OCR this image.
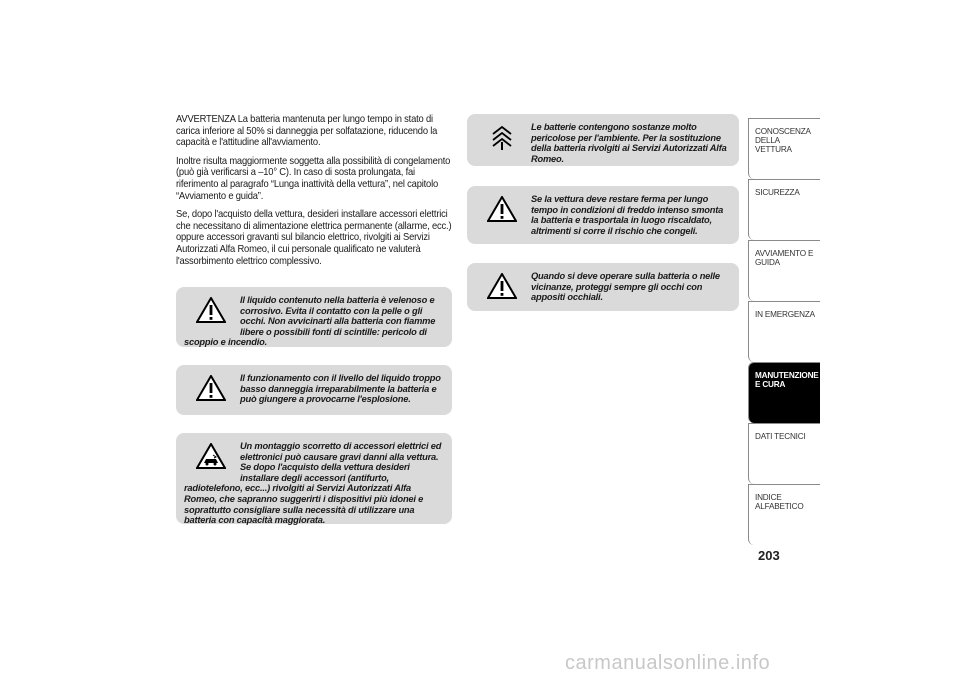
AVVERTENZA La batteria mantenuta per lungo tempo in stato di carica inferiore al 50% si danneggia per solfatazione, riducendo la capacità e l'attitudine all'avviamento.

Inoltre risulta maggiormente soggetta alla possibilità di congelamento (può già verificarsi a –10° C). In caso di sosta prolungata, fai riferimento al paragrafo “Lunga inattività della vettura”, nel capitolo “Avviamento e guida”.

Se, dopo l'acquisto della vettura, desideri installare accessori elettrici che necessitano di alimentazione elettrica permanente (allarme, ecc.) oppure accessori gravanti sul bilancio elettrico, rivolgiti ai Servizi Autorizzati Alfa Romeo, il cui personale qualificato ne valuterà l'assorbimento elettrico complessivo.

Il liquido contenuto nella batteria è velenoso e corrosivo. Evita il contatto con la pelle o gli occhi. Non avvicinarti alla batteria con fiamme libere o possibili fonti di scintille: pericolo di scoppio e incendio.
Il funzionamento con il livello del liquido troppo basso danneggia irreparabilmente la batteria e può giungere a provocarne l'esplosione.
Un montaggio scorretto di accessori elettrici ed elettronici può causare gravi danni alla vettura. Se dopo l'acquisto della vettura desideri installare degli accessori (antifurto, radiotelefono, ecc...) rivolgiti ai Servizi Autorizzati Alfa Romeo, che sapranno suggerirti i dispositivi più idonei e soprattutto consigliare sulla necessità di utilizzare una batteria con capacità maggiorata.
Le batterie contengono sostanze molto pericolose per l'ambiente. Per la sostituzione della batteria rivolgiti ai Servizi Autorizzati Alfa Romeo.
Se la vettura deve restare ferma per lungo tempo in condizioni di freddo intenso smonta la batteria e trasportala in luogo riscaldato, altrimenti si corre il rischio che congeli.
Quando si deve operare sulla batteria o nelle vicinanze, proteggi sempre gli occhi con appositi occhiali.
CONOSCENZA DELLA VETTURA
SICUREZZA
AVVIAMENTO E GUIDA
IN EMERGENZA
MANUTENZIONE E CURA
DATI TECNICI
INDICE ALFABETICO
203
carmanualsonline.info
